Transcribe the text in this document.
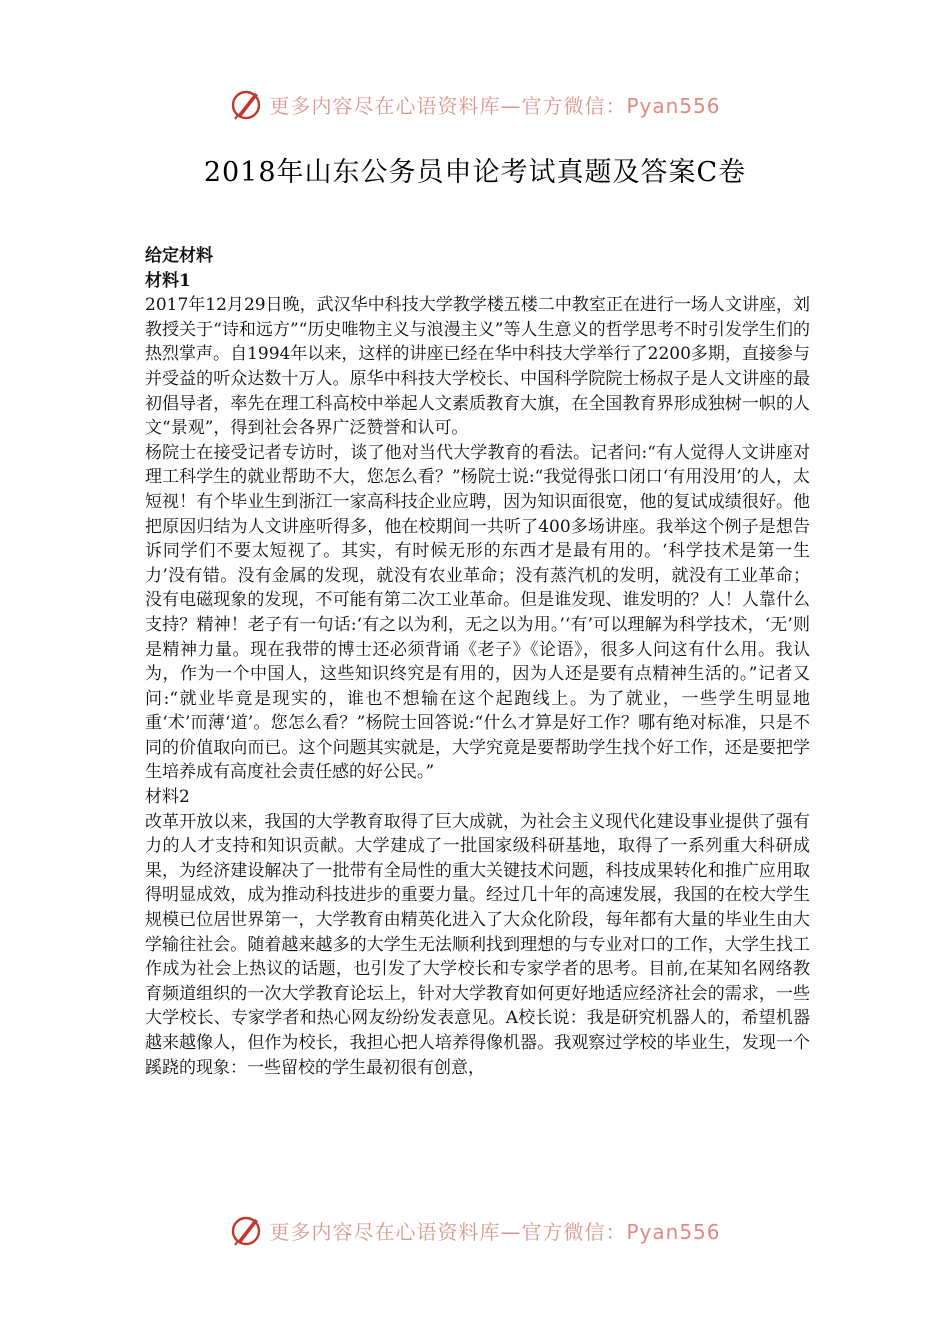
更多内容尽在心语资料库—官方微信：Pyan556
2018年山东公务员申论考试真题及答案C卷

给定材料

材料1

2017年12月29日晚，武汉华中科技大学教学楼五楼二中教室正在进行一场人文讲座，刘教授关于“诗和远方”“历史唯物主义与浪漫主义”等人生意义的哲学思考不时引发学生们的热烈掌声。自1994年以来，这样的讲座已经在华中科技大学举行了2200多期，直接参与并受益的听众达数十万人。原华中科技大学校长、中国科学院院士杨叔子是人文讲座的最初倡导者，率先在理工科高校中举起人文素质教育大旗，在全国教育界形成独树一帜的人文“景观”，得到社会各界广泛赞誉和认可。

杨院士在接受记者专访时，谈了他对当代大学教育的看法。记者问:“有人觉得人文讲座对理工科学生的就业帮助不大，您怎么看？”杨院士说:“我觉得张口闭口‘有用没用’的人，太短视！有个毕业生到浙江一家高科技企业应聘，因为知识面很宽，他的复试成绩很好。他把原因归结为人文讲座听得多，他在校期间一共听了400多场讲座。我举这个例子是想告诉同学们不要太短视了。其实，有时候无形的东西才是最有用的。‘科学技术是第一生力’没有错。没有金属的发现，就没有农业革命；没有蒸汽机的发明，就没有工业革命；没有电磁现象的发现，不可能有第二次工业革命。但是谁发现、谁发明的？人！人靠什么支持？精神！老子有一句话:‘有之以为利，无之以为用。’‘有’可以理解为科学技术，‘无’则是精神力量。现在我带的博士还必须背诵《老子》《论语》，很多人问这有什么用。我认为，作为一个中国人，这些知识终究是有用的，因为人还是要有点精神生活的。”记者又问:“就业毕竟是现实的，谁也不想输在这个起跑线上。为了就业，一些学生明显地重‘术’而薄‘道’。您怎么看？”杨院士回答说:“什么才算是好工作？哪有绝对标准，只是不同的价值取向而已。这个问题其实就是，大学究竟是要帮助学生找个好工作，还是要把学生培养成有高度社会责任感的好公民。”

材料2

改革开放以来，我国的大学教育取得了巨大成就，为社会主义现代化建设事业提供了强有力的人才支持和知识贡献。大学建成了一批国家级科研基地，取得了一系列重大科研成果，为经济建设解决了一批带有全局性的重大关键技术问题，科技成果转化和推广应用取得明显成效，成为推动科技进步的重要力量。经过几十年的高速发展，我国的在校大学生规模已位居世界第一，大学教育由精英化进入了大众化阶段，每年都有大量的毕业生由大学输往社会。随着越来越多的大学生无法顺利找到理想的与专业对口的工作，大学生找工作成为社会上热议的话题，也引发了大学校长和专家学者的思考。目前,在某知名网络教育频道组织的一次大学教育论坛上，针对大学教育如何更好地适应经济社会的需求，一些大学校长、专家学者和热心网友纷纷发表意见。A校长说：我是研究机器人的，希望机器越来越像人，但作为校长，我担心把人培养得像机器。我观察过学校的毕业生，发现一个蹊跷的现象：一些留校的学生最初很有创意，

更多内容尽在心语资料库—官方微信：Pyan556
